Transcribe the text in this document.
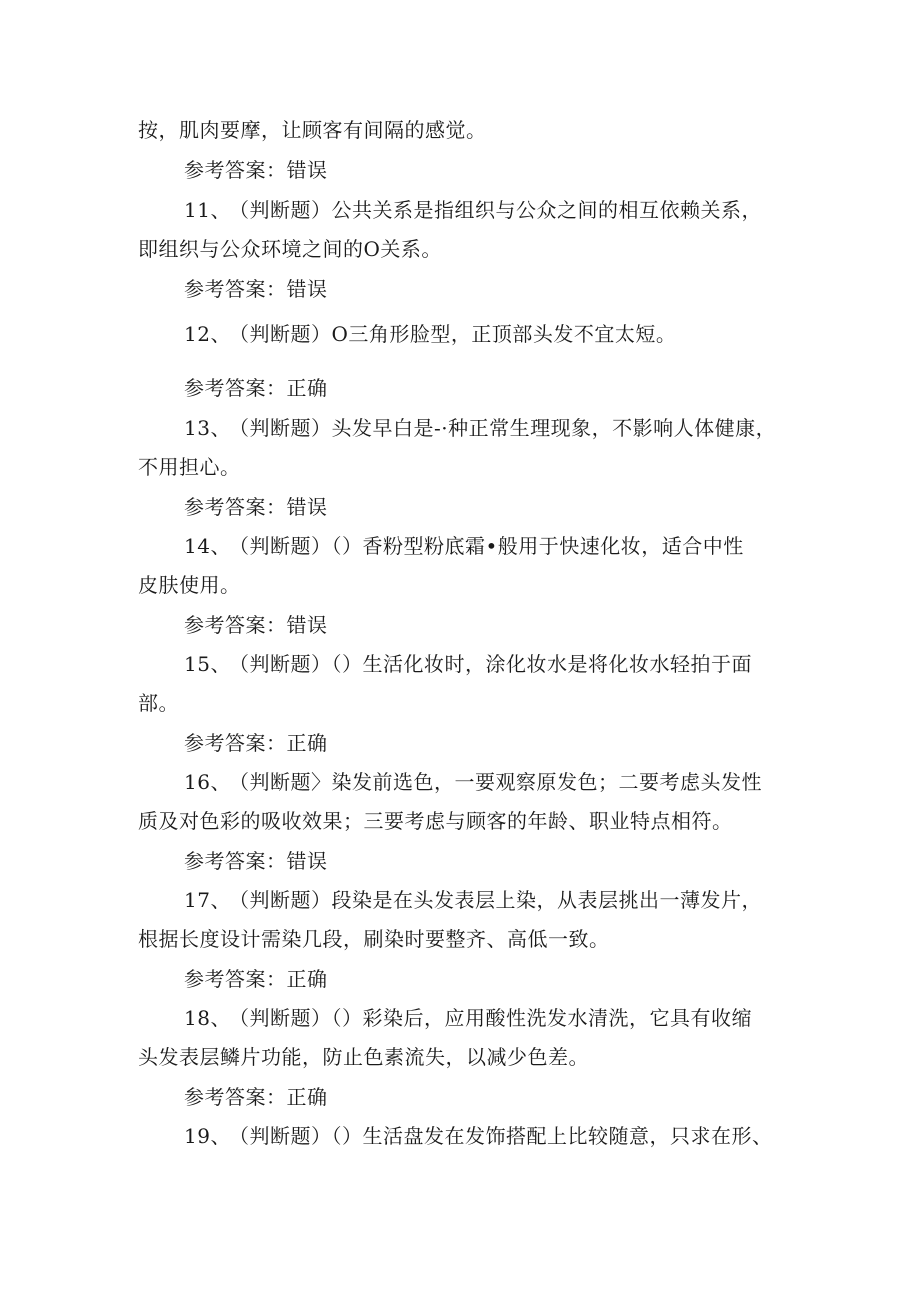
按，肌肉要摩，让顾客有间隔的感觉。
参考答案：错误
11、 （判断题）公共关系是指组织与公众之间的相互依赖关系，
即组织与公众环境之间的O关系。
参考答案：错误
12、 （判断题）O三角形脸型，正顶部头发不宜太短。
参考答案：正确
13、 （判断题）头发早白是-·种正常生理现象，不影响人体健康，
不用担心。
参考答案：错误
14、 （判断题）（）香粉型粉底霜•般用于快速化妆，适合中性
皮肤使用。
参考答案：错误
15、 （判断题）（）生活化妆时，涂化妆水是将化妆水轻拍于面
部。
参考答案：正确
16、 （判断题〉染发前选色，一要观察原发色；二要考虑头发性
质及对色彩的吸收效果；三要考虑与顾客的年龄、职业特点相符。
参考答案：错误
17、 （判断题）段染是在头发表层上染，从表层挑出一薄发片，
根据长度设计需染几段，刷染时要整齐、高低一致。
参考答案：正确
18、 （判断题）（）彩染后，应用酸性洗发水清洗，它具有收缩
头发表层鳞片功能，防止色素流失，以减少色差。
参考答案：正确
19、 （判断题）（）生活盘发在发饰搭配上比较随意，只求在形、
